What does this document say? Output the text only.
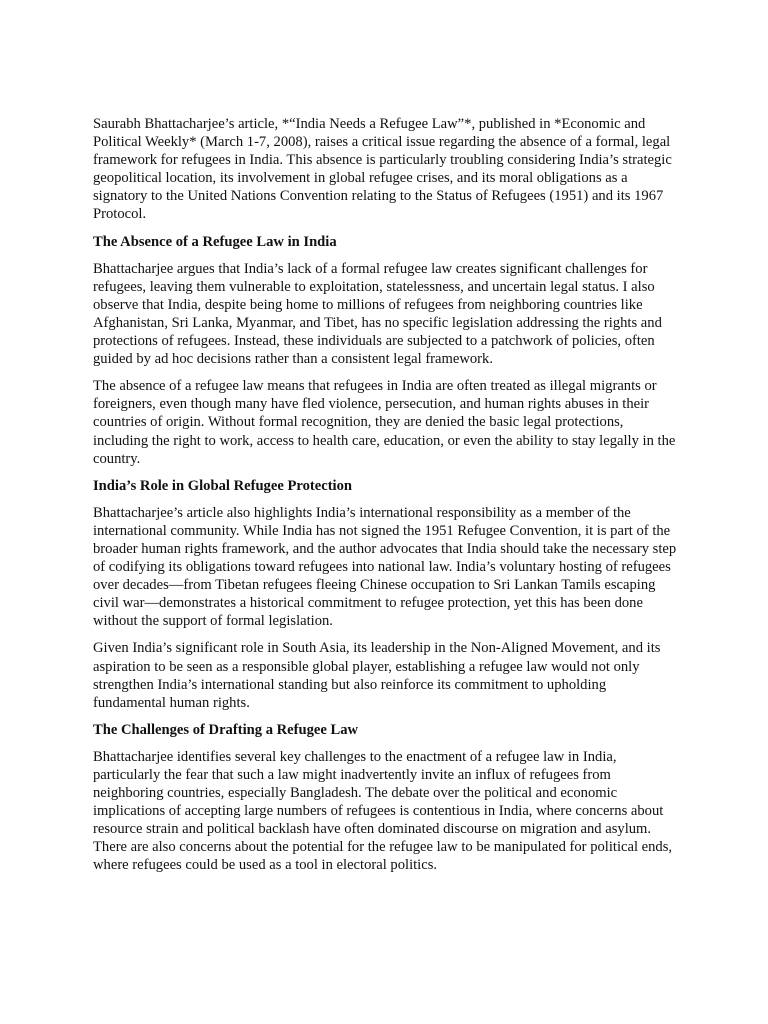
Saurabh Bhattacharjee’s article, *“India Needs a Refugee Law”*, published in *Economic and Political Weekly* (March 1-7, 2008), raises a critical issue regarding the absence of a formal, legal framework for refugees in India. This absence is particularly troubling considering India’s strategic geopolitical location, its involvement in global refugee crises, and its moral obligations as a signatory to the United Nations Convention relating to the Status of Refugees (1951) and its 1967 Protocol.

The Absence of a Refugee Law in India

Bhattacharjee argues that India’s lack of a formal refugee law creates significant challenges for refugees, leaving them vulnerable to exploitation, statelessness, and uncertain legal status. I also observe that India, despite being home to millions of refugees from neighboring countries like Afghanistan, Sri Lanka, Myanmar, and Tibet, has no specific legislation addressing the rights and protections of refugees. Instead, these individuals are subjected to a patchwork of policies, often guided by ad hoc decisions rather than a consistent legal framework.

The absence of a refugee law means that refugees in India are often treated as illegal migrants or foreigners, even though many have fled violence, persecution, and human rights abuses in their countries of origin. Without formal recognition, they are denied the basic legal protections, including the right to work, access to health care, education, or even the ability to stay legally in the country.

India’s Role in Global Refugee Protection

Bhattacharjee’s article also highlights India’s international responsibility as a member of the international community. While India has not signed the 1951 Refugee Convention, it is part of the broader human rights framework, and the author advocates that India should take the necessary step of codifying its obligations toward refugees into national law. India’s voluntary hosting of refugees over decades—from Tibetan refugees fleeing Chinese occupation to Sri Lankan Tamils escaping civil war—demonstrates a historical commitment to refugee protection, yet this has been done without the support of formal legislation.

Given India’s significant role in South Asia, its leadership in the Non-Aligned Movement, and its aspiration to be seen as a responsible global player, establishing a refugee law would not only strengthen India’s international standing but also reinforce its commitment to upholding fundamental human rights.

The Challenges of Drafting a Refugee Law

Bhattacharjee identifies several key challenges to the enactment of a refugee law in India, particularly the fear that such a law might inadvertently invite an influx of refugees from neighboring countries, especially Bangladesh. The debate over the political and economic implications of accepting large numbers of refugees is contentious in India, where concerns about resource strain and political backlash have often dominated discourse on migration and asylum. There are also concerns about the potential for the refugee law to be manipulated for political ends, where refugees could be used as a tool in electoral politics.
